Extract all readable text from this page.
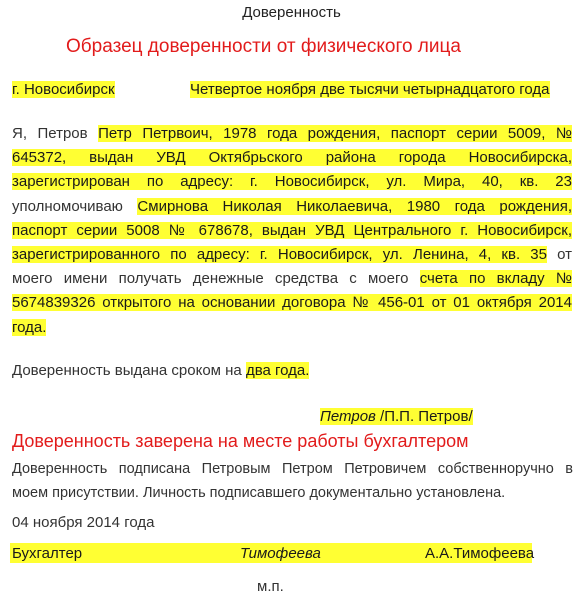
Доверенность
Образец доверенности от физического лица
г. Новосибирск	Четвертое ноября две тысячи четырнадцатого года
Я, Петров Петр Петрвоич, 1978 года рождения, паспорт серии 5009, №
645372, выдан УВД Октябрьского района города Новосибирска,
зарегистрирован по адресу: г. Новосибирск, ул. Мира, 40, кв. 23
уполномочиваю Смирнова Николая Николаевича, 1980 года рождения,
паспорт серии 5008 № 678678, выдан УВД Центрального г. Новосибирск,
зарегистрированного по адресу: г. Новосибирск, ул. Ленина, 4, кв. 35 от
моего имени получать денежные средства с моего счета по вкладу №
5674839326 открытого на основании договора № 456-01 от 01 октября 2014
года.
Доверенность выдана сроком на два года.
Петров /П.П. Петров/
Доверенность заверена на месте работы бухгалтером
Доверенность подписана Петровым Петром Петровичем собственноручно в
моем присутствии. Личность подписавшего документально установлена.
04 ноября 2014 года
Бухгалтер	Тимофеева	А.А.Тимофеева
м.п.
